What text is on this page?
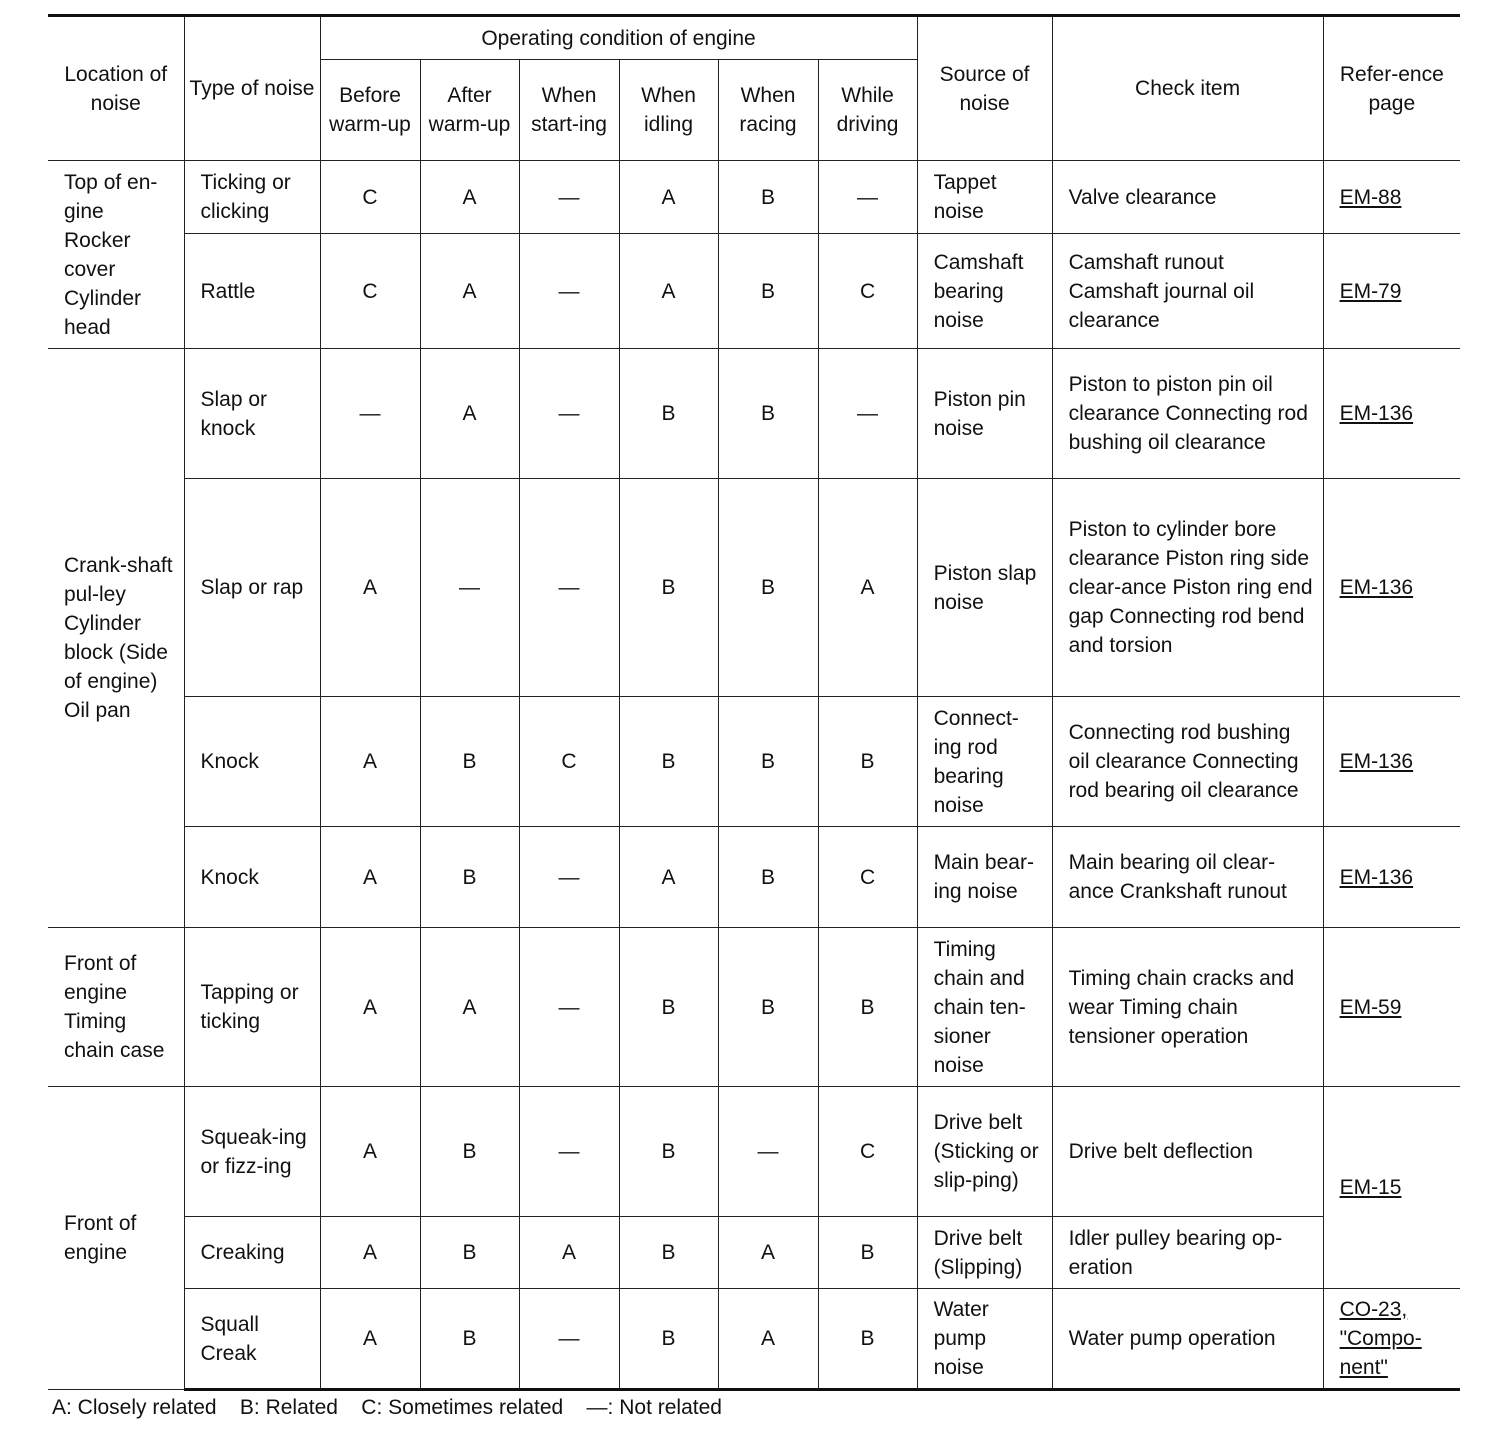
Location of noise	Type of noise	Operating condition of engine						Source of noise	Check item	Refer-ence page
		Before warm-up	After warm-up	When start-ing	When idling	When racing	While driving			
Top of en-gine Rocker cover Cylinder head	Ticking or clicking	C	A	—	A	B	—	Tappet noise	Valve clearance	EM-88
	Rattle	C	A	—	A	B	C	Camshaft bearing noise	Camshaft runout Camshaft journal oil clearance	EM-79
Crank-shaft pul-ley Cylinder block (Side of engine) Oil pan	Slap or knock	—	A	—	B	B	—	Piston pin noise	Piston to piston pin oil clearance Connecting rod bushing oil clearance	EM-136
	Slap or rap	A	—	—	B	B	A	Piston slap noise	Piston to cylinder bore clearance Piston ring side clear-ance Piston ring end gap Connecting rod bend and torsion	EM-136
	Knock	A	B	C	B	B	B	Connect-ing rod bearing noise	Connecting rod bushing oil clearance Connecting rod bearing oil clearance	EM-136
	Knock	A	B	—	A	B	C	Main bear-ing noise	Main bearing oil clear-ance Crankshaft runout	EM-136
Front of engine Timing chain case	Tapping or ticking	A	A	—	B	B	B	Timing chain and chain ten-sioner noise	Timing chain cracks and wear Timing chain tensioner operation	EM-59
Front of engine	Squeak-ing or fizz-ing	A	B	—	B	—	C	Drive belt (Sticking or slip-ping)	Drive belt deflection	EM-15
	Creaking	A	B	A	B	A	B	Drive belt (Slipping)	Idler pulley bearing op-eration	
	Squall Creak	A	B	—	B	A	B	Water pump noise	Water pump operation	CO-23, "Compo-nent"
A: Closely related    B: Related    C: Sometimes related    —: Not related
